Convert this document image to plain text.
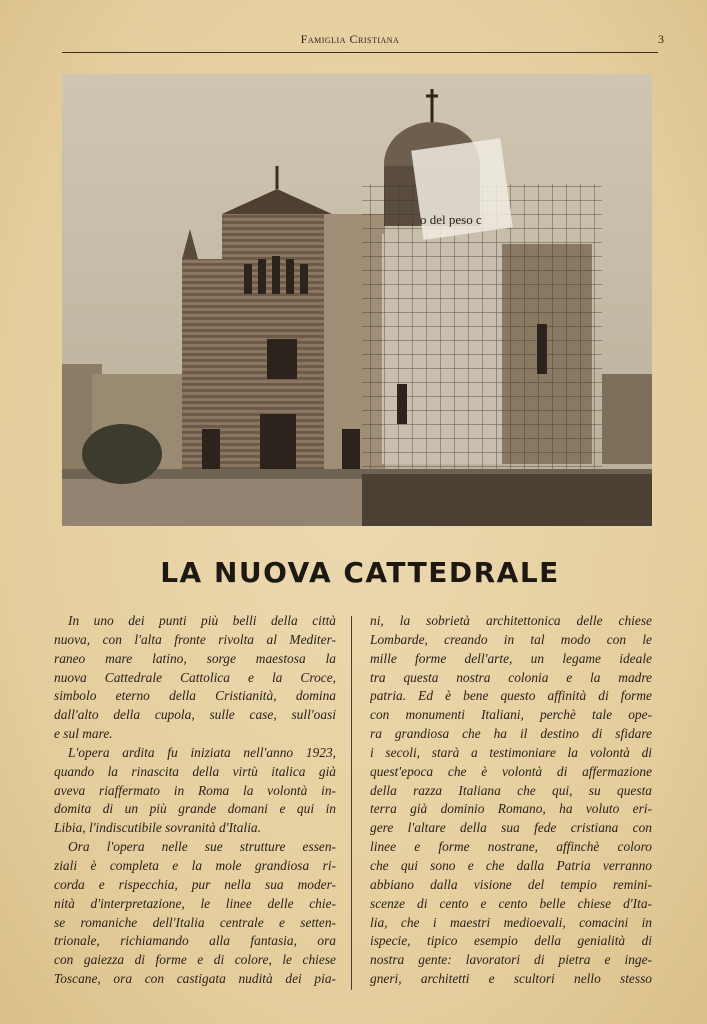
Famiglia Cristiana	3
o del peso c
LA NUOVA CATTEDRALE
In uno dei punti più belli della città
nuova, con l'alta fronte rivolta al Mediter-
raneo mare latino, sorge maestosa la
nuova Cattedrale Cattolica e la Croce,
simbolo eterno della Cristianità, domina
dall'alto della cupola, sulle case, sull'oasi
e sul mare.
L'opera ardita fu iniziata nell'anno 1923,
quando la rinascita della virtù italica già
aveva riaffermato in Roma la volontà in-
domita di un più grande domani e qui in
Libia, l'indiscutibile sovranità d'Italia.
Ora l'opera nelle sue strutture essen-
ziali è completa e la mole grandiosa ri-
corda e rispecchia, pur nella sua moder-
nità d'interpretazione, le linee delle chie-
se romaniche dell'Italia centrale e setten-
trionale, richiamando alla fantasia, ora
con gaiezza di forme e di colore, le chiese
Toscane, ora con castigata nudità dei pia-
ni, la sobrietà architettonica delle chiese
Lombarde, creando in tal modo con le
mille forme dell'arte, un legame ideale
tra questa nostra colonia e la madre
patria. Ed è bene questo affinità di forme
con monumenti Italiani, perchè tale ope-
ra grandiosa che ha il destino di sfidare
i secoli, starà a testimoniare la volontà di
quest'epoca che è volontà di affermazione
della razza Italiana che qui, su questa
terra già dominio Romano, ha voluto eri-
gere l'altare della sua fede cristiana con
linee e forme nostrane, affinchè coloro
che qui sono e che dalla Patria verranno
abbiano dalla visione del tempio remini-
scenze di cento e cento belle chiese d'Ita-
lia, che i maestri medioevali, comacini in
ispecie, tipico esempio della genialità di
nostra gente: lavoratori di pietra e inge-
gneri, architetti e scultori nello stesso
